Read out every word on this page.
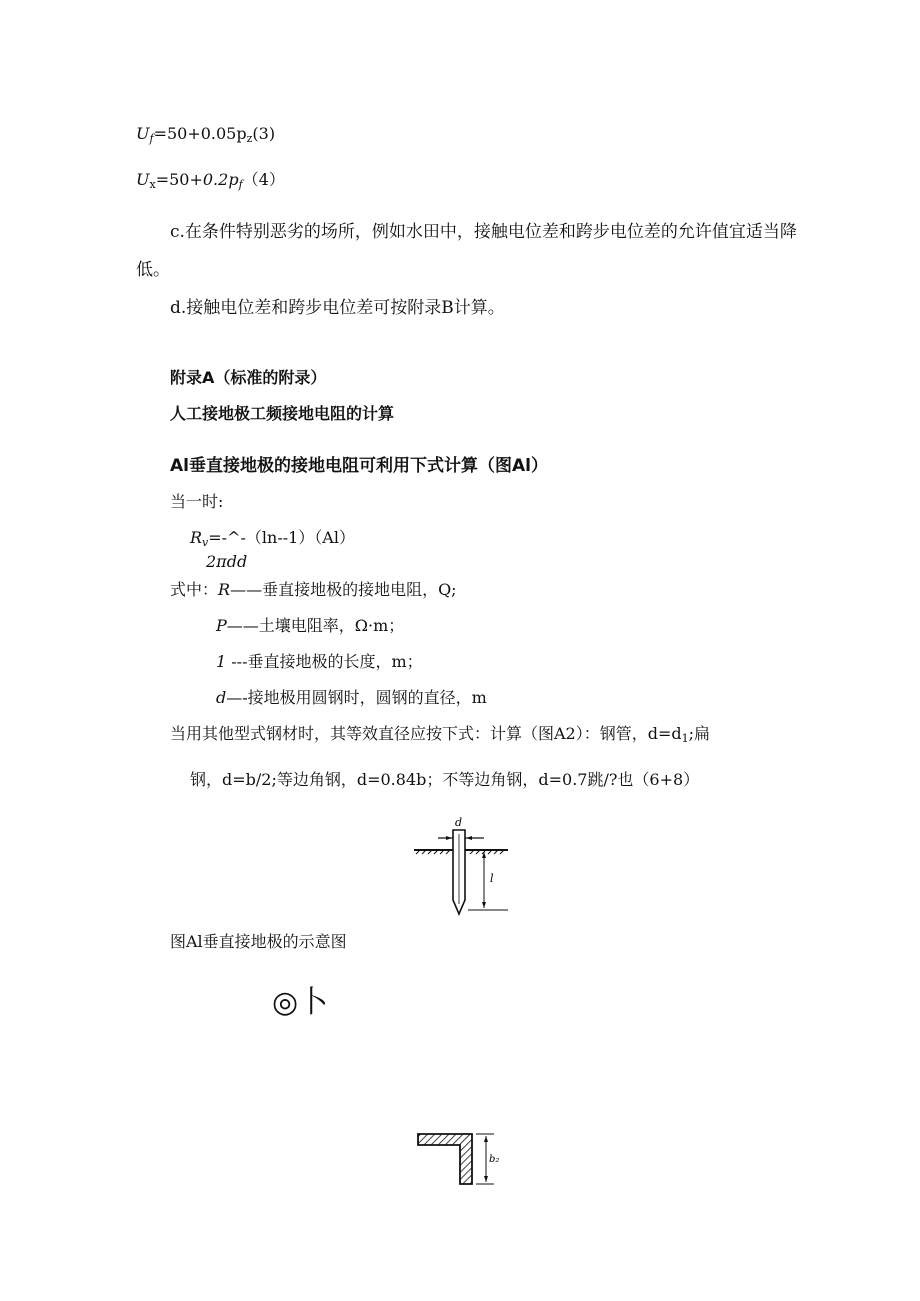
$U_f=50+0.05p_z(3)$
$U_x=50+0.2p_f(4)$
c.在条件特别恶劣的场所，例如水田中，接触电位差和跨步电位差的允许值宜适当降
低。
d.接触电位差和跨步电位差可按附录B计算。
附录A（标准的附录）
人工接地极工频接地电阻的计算
Al垂直接地极的接地电阻可利用下式计算（图Al）
当一时:
$R_v=-\^{}-(\ln--1)(Al)$
2πdd
式中：R——垂直接地极的接地电阻，Q;
P——土壤电阻率，Ω·m；
1 ---垂直接地极的长度，m；
d—-接地极用圆钢时，圆钢的直径，m
当用其他型式钢材时，其等效直径应按下式：计算（图A2）：钢管，$d=d_1$;扁
钢，d=b∕2;等边角钢，d=0.84b；不等边角钢，d=0.7跳/?也（6+8）
d
l
图Al垂直接地极的示意图
◎卜
b₂
